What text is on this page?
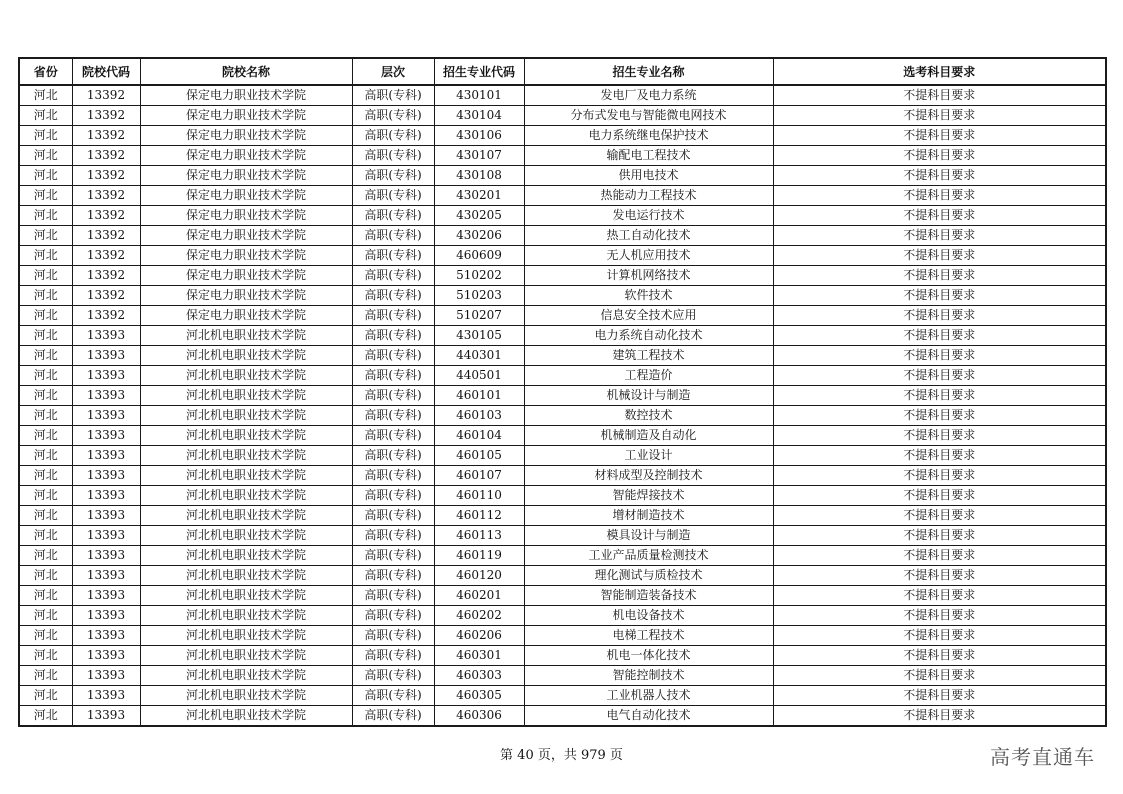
省份	院校代码	院校名称	层次	招生专业代码	招生专业名称	选考科目要求
河北	13392	保定电力职业技术学院	高职(专科)	430101	发电厂及电力系统	不提科目要求
河北	13392	保定电力职业技术学院	高职(专科)	430104	分布式发电与智能微电网技术	不提科目要求
河北	13392	保定电力职业技术学院	高职(专科)	430106	电力系统继电保护技术	不提科目要求
河北	13392	保定电力职业技术学院	高职(专科)	430107	输配电工程技术	不提科目要求
河北	13392	保定电力职业技术学院	高职(专科)	430108	供用电技术	不提科目要求
河北	13392	保定电力职业技术学院	高职(专科)	430201	热能动力工程技术	不提科目要求
河北	13392	保定电力职业技术学院	高职(专科)	430205	发电运行技术	不提科目要求
河北	13392	保定电力职业技术学院	高职(专科)	430206	热工自动化技术	不提科目要求
河北	13392	保定电力职业技术学院	高职(专科)	460609	无人机应用技术	不提科目要求
河北	13392	保定电力职业技术学院	高职(专科)	510202	计算机网络技术	不提科目要求
河北	13392	保定电力职业技术学院	高职(专科)	510203	软件技术	不提科目要求
河北	13392	保定电力职业技术学院	高职(专科)	510207	信息安全技术应用	不提科目要求
河北	13393	河北机电职业技术学院	高职(专科)	430105	电力系统自动化技术	不提科目要求
河北	13393	河北机电职业技术学院	高职(专科)	440301	建筑工程技术	不提科目要求
河北	13393	河北机电职业技术学院	高职(专科)	440501	工程造价	不提科目要求
河北	13393	河北机电职业技术学院	高职(专科)	460101	机械设计与制造	不提科目要求
河北	13393	河北机电职业技术学院	高职(专科)	460103	数控技术	不提科目要求
河北	13393	河北机电职业技术学院	高职(专科)	460104	机械制造及自动化	不提科目要求
河北	13393	河北机电职业技术学院	高职(专科)	460105	工业设计	不提科目要求
河北	13393	河北机电职业技术学院	高职(专科)	460107	材料成型及控制技术	不提科目要求
河北	13393	河北机电职业技术学院	高职(专科)	460110	智能焊接技术	不提科目要求
河北	13393	河北机电职业技术学院	高职(专科)	460112	增材制造技术	不提科目要求
河北	13393	河北机电职业技术学院	高职(专科)	460113	模具设计与制造	不提科目要求
河北	13393	河北机电职业技术学院	高职(专科)	460119	工业产品质量检测技术	不提科目要求
河北	13393	河北机电职业技术学院	高职(专科)	460120	理化测试与质检技术	不提科目要求
河北	13393	河北机电职业技术学院	高职(专科)	460201	智能制造装备技术	不提科目要求
河北	13393	河北机电职业技术学院	高职(专科)	460202	机电设备技术	不提科目要求
河北	13393	河北机电职业技术学院	高职(专科)	460206	电梯工程技术	不提科目要求
河北	13393	河北机电职业技术学院	高职(专科)	460301	机电一体化技术	不提科目要求
河北	13393	河北机电职业技术学院	高职(专科)	460303	智能控制技术	不提科目要求
河北	13393	河北机电职业技术学院	高职(专科)	460305	工业机器人技术	不提科目要求
河北	13393	河北机电职业技术学院	高职(专科)	460306	电气自动化技术	不提科目要求
第 40 页，共 979 页	高考直通车
